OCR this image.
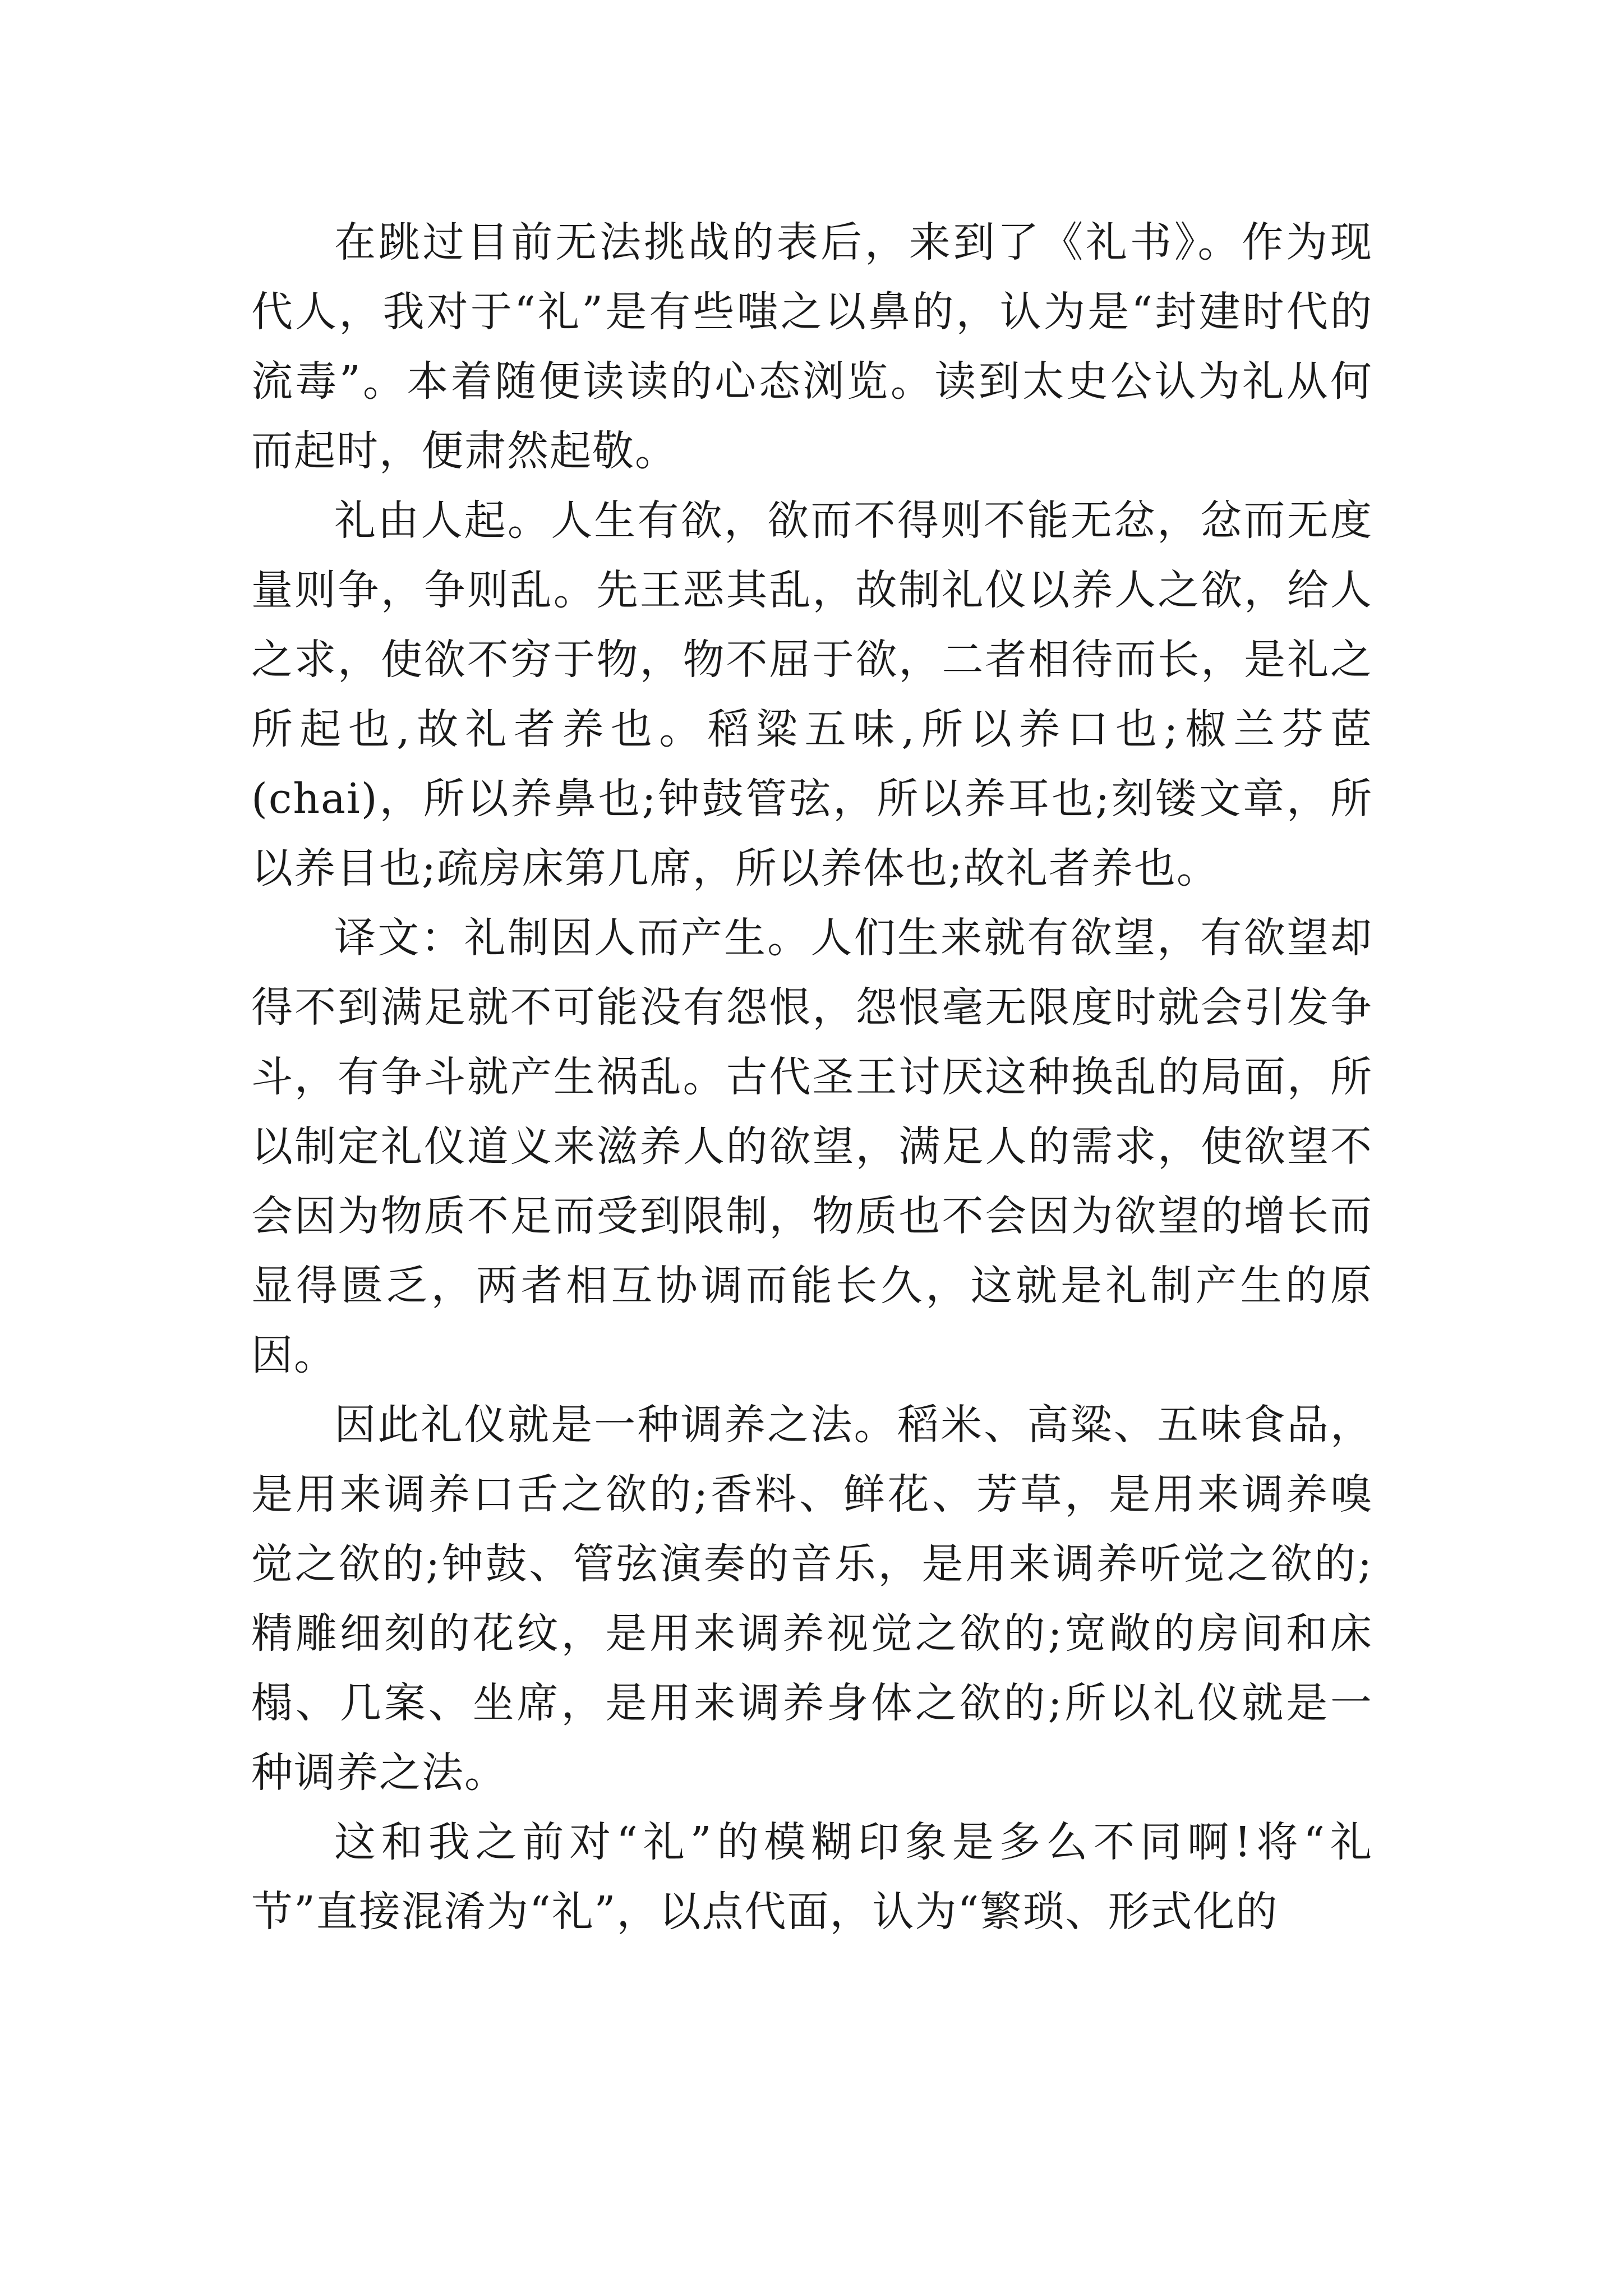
在跳过目前无法挑战的表后，来到了《礼书》。作为现代人，我对于“礼”是有些嗤之以鼻的，认为是“封建时代的流毒”。本着随便读读的心态浏览。读到太史公认为礼从何而起时，便肃然起敬。

礼由人起。人生有欲，欲而不得则不能无忿，忿而无度量则争，争则乱。先王恶其乱，故制礼仪以养人之欲，给人之求，使欲不穷于物，物不屈于欲，二者相待而长，是礼之所起也,故礼者养也。稻粱五味,所以养口也;椒兰芬茝(chai)，所以养鼻也;钟鼓管弦，所以养耳也;刻镂文章，所以养目也;疏房床第几席，所以养体也;故礼者养也。

译文：礼制因人而产生。人们生来就有欲望，有欲望却得不到满足就不可能没有怨恨，怨恨毫无限度时就会引发争斗，有争斗就产生祸乱。古代圣王讨厌这种换乱的局面，所以制定礼仪道义来滋养人的欲望，满足人的需求，使欲望不会因为物质不足而受到限制，物质也不会因为欲望的增长而显得匮乏，两者相互协调而能长久，这就是礼制产生的原因。

因此礼仪就是一种调养之法。稻米、高粱、五味食品，是用来调养口舌之欲的;香料、鲜花、芳草，是用来调养嗅觉之欲的;钟鼓、管弦演奏的音乐，是用来调养听觉之欲的;精雕细刻的花纹，是用来调养视觉之欲的;宽敞的房间和床榻、几案、坐席，是用来调养身体之欲的;所以礼仪就是一种调养之法。

这和我之前对“礼”的模糊印象是多么不同啊!将“礼节”直接混淆为“礼”，以点代面，认为“繁琐、形式化的
